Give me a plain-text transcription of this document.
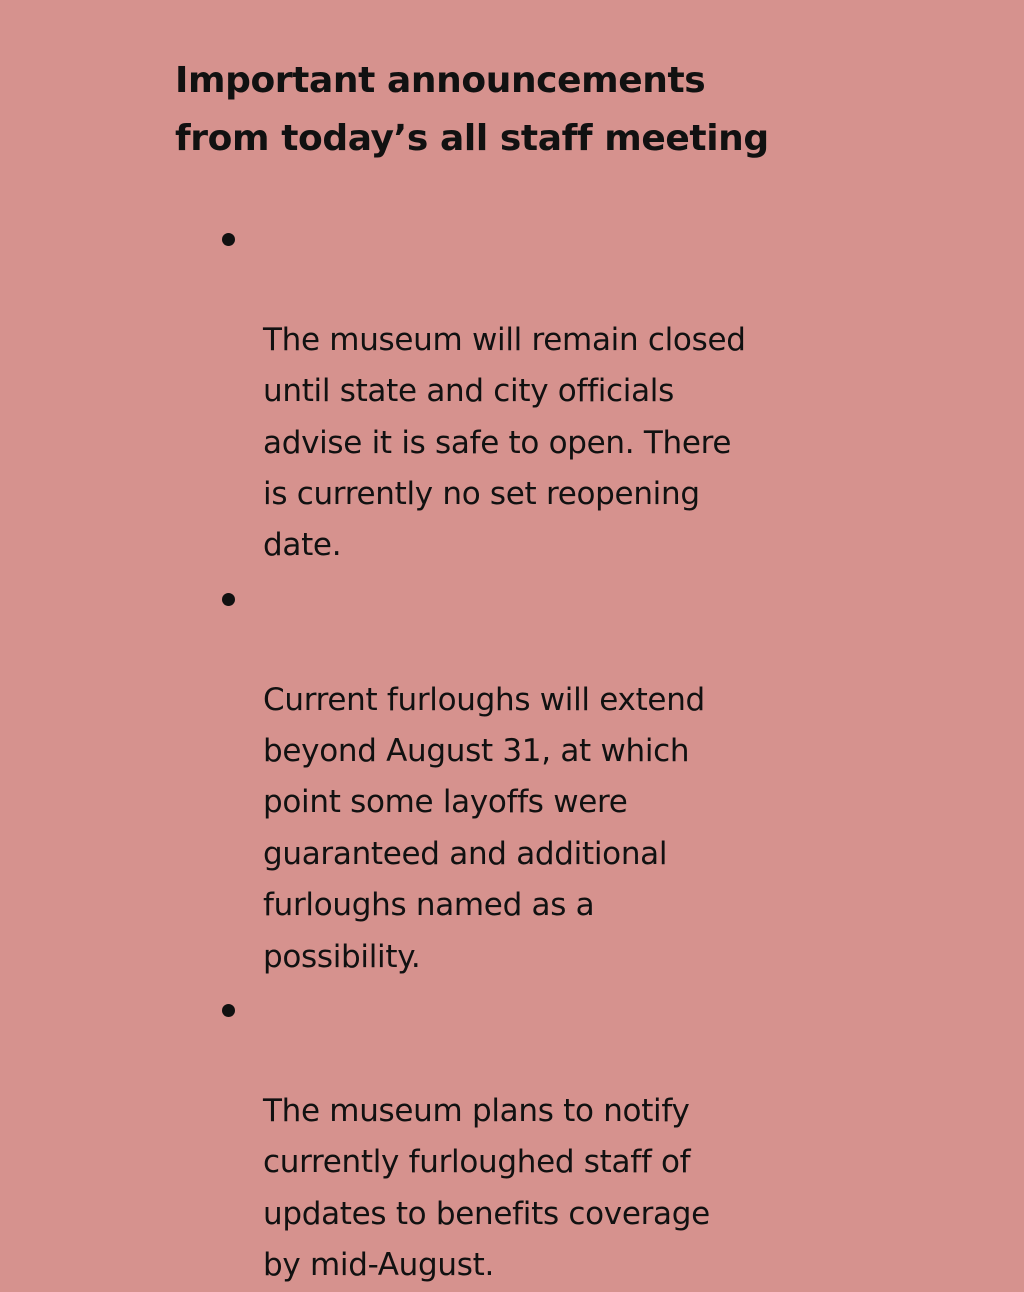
Important announcements
from today’s all staff meeting

The museum will remain closed
until state and city officials
advise it is safe to open. There
is currently no set reopening
date.

Current furloughs will extend
beyond August 31, at which
point some layoffs were
guaranteed and additional
furloughs named as a
possibility.

The museum plans to notify
currently furloughed staff of
updates to benefits coverage
by mid-August.
